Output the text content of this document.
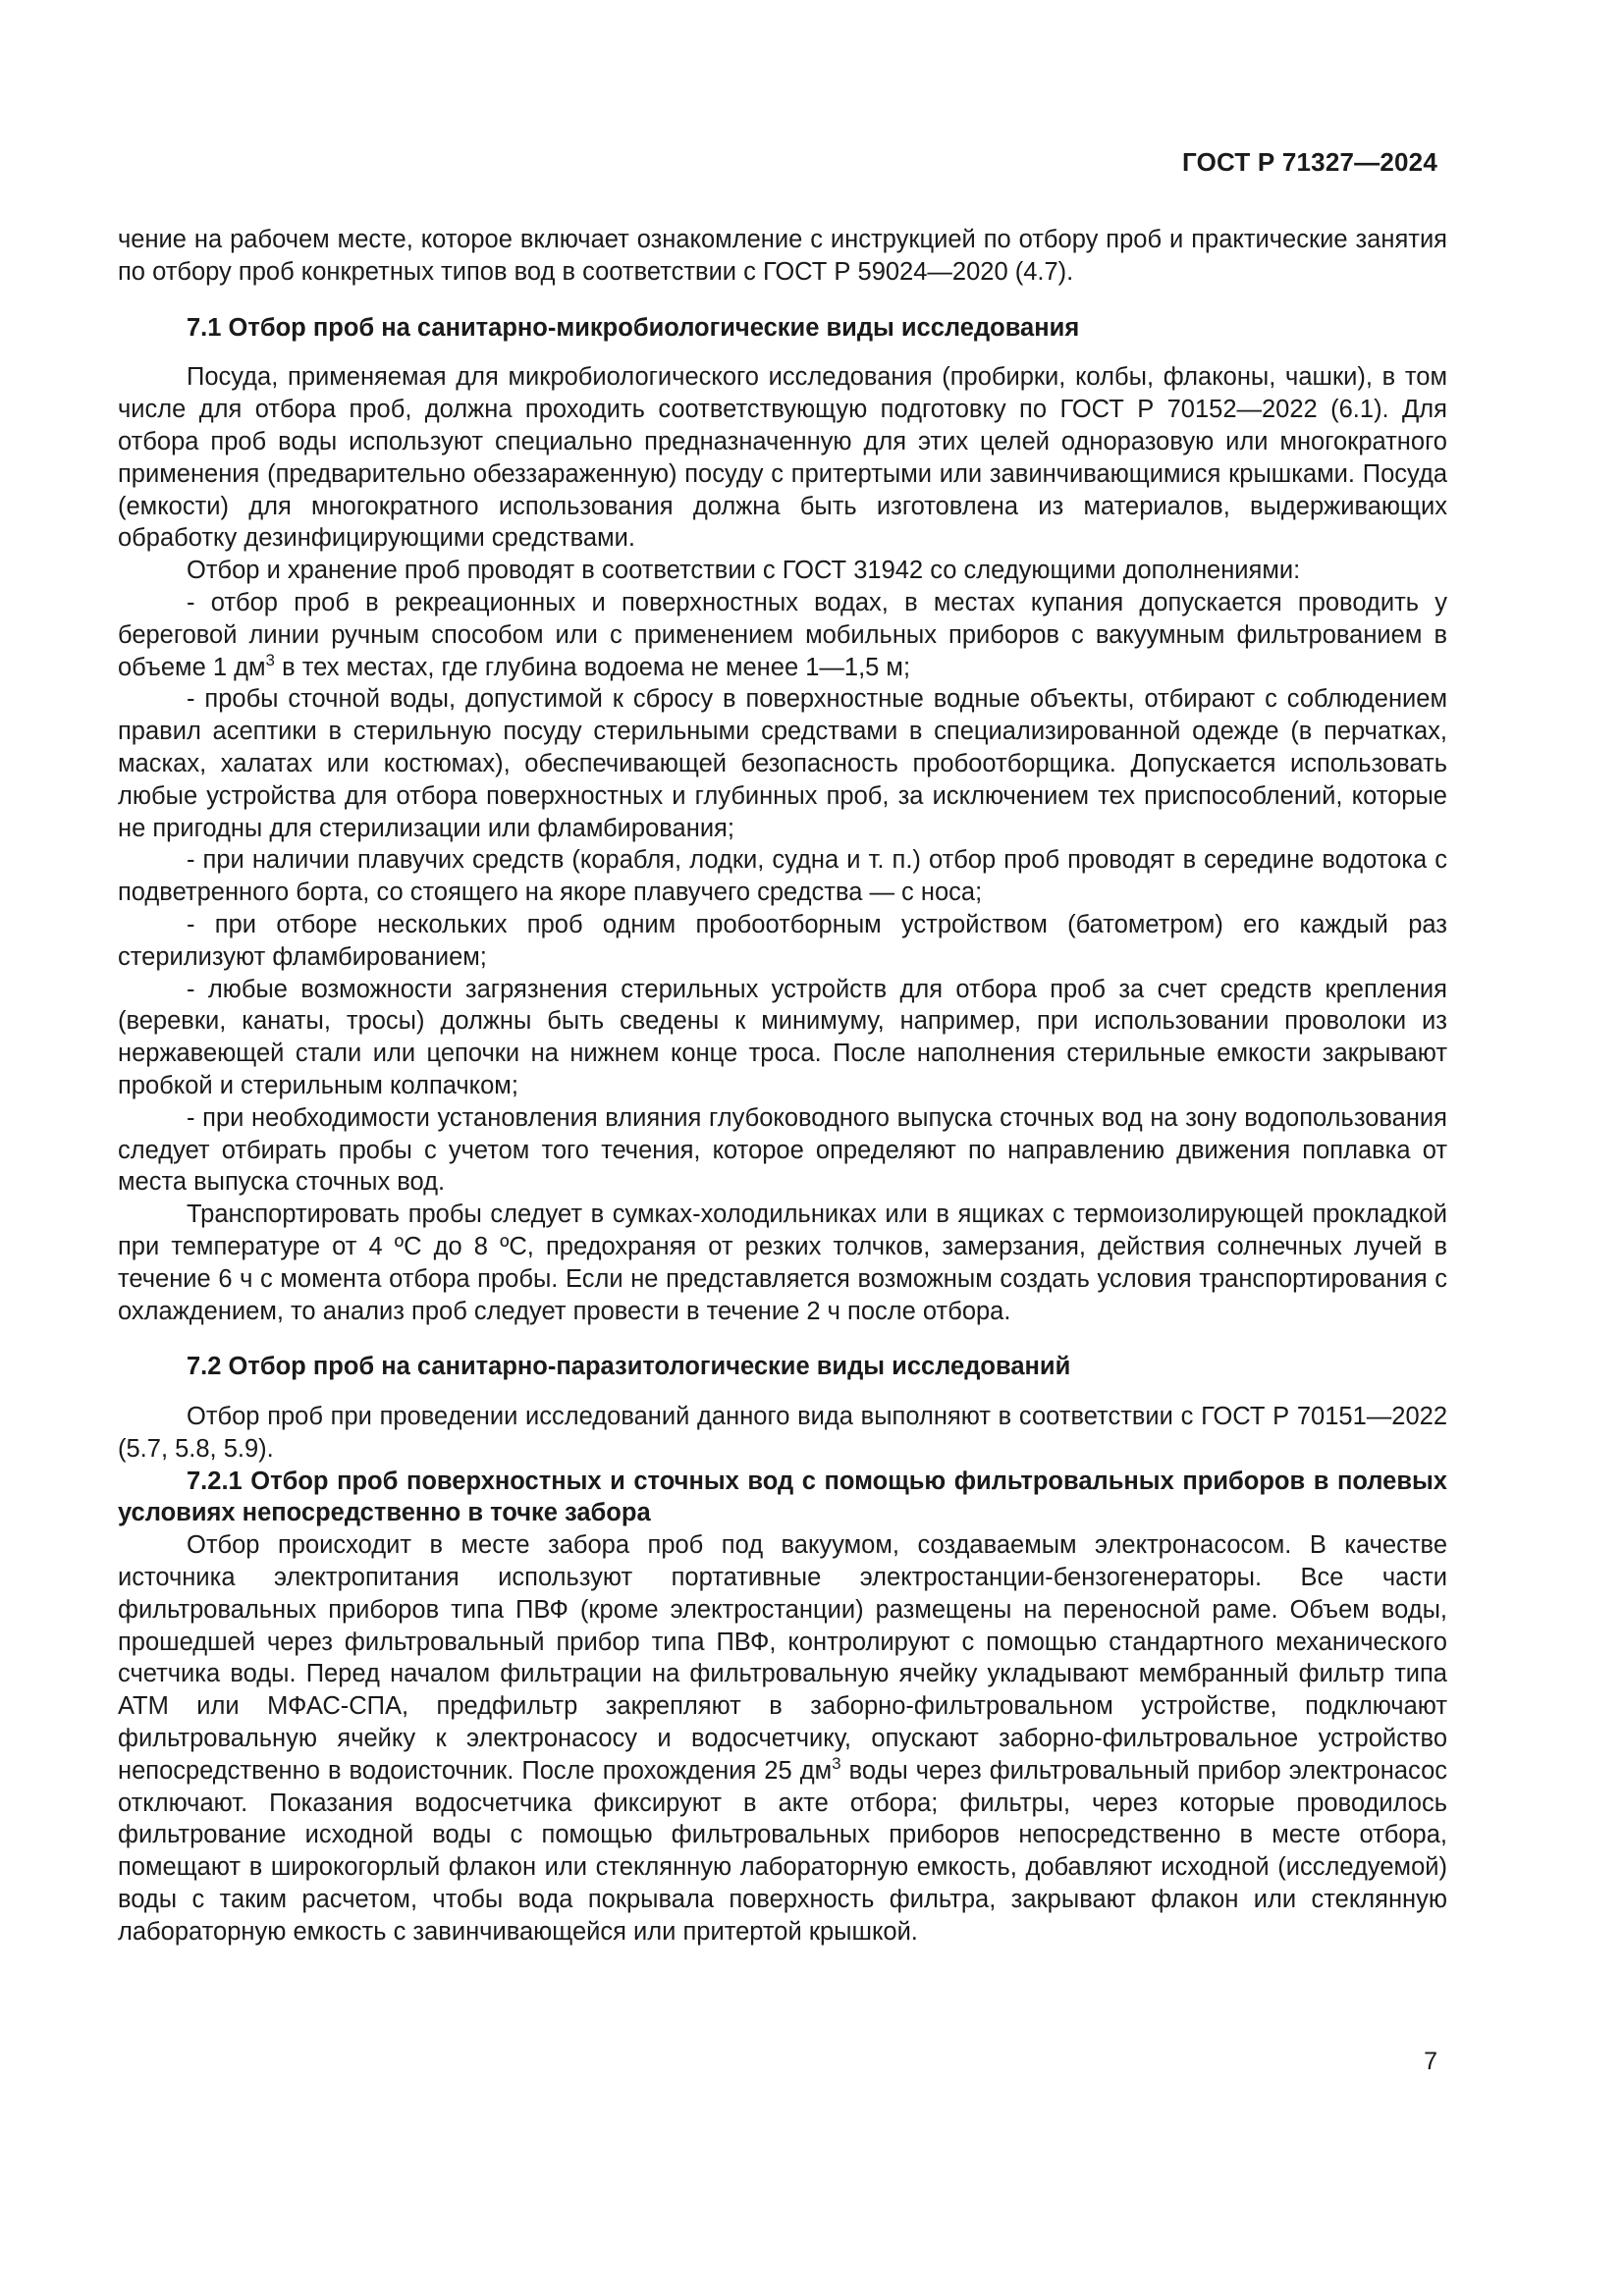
ГОСТ Р 71327—2024

чение на рабочем месте, которое включает ознакомление с инструкцией по отбору проб и практические занятия по отбору проб конкретных типов вод в соответствии с ГОСТ Р 59024—2020 (4.7).

7.1 Отбор проб на санитарно-микробиологические виды исследования

Посуда, применяемая для микробиологического исследования (пробирки, колбы, флаконы, чашки), в том числе для отбора проб, должна проходить соответствующую подготовку по ГОСТ Р 70152—2022 (6.1). Для отбора проб воды используют специально предназначенную для этих целей одноразовую или многократного применения (предварительно обеззараженную) посуду с притертыми или завинчивающимися крышками. Посуда (емкости) для многократного использования должна быть изготовлена из материалов, выдерживающих обработку дезинфицирующими средствами.

Отбор и хранение проб проводят в соответствии с ГОСТ 31942 со следующими дополнениями:

- отбор проб в рекреационных и поверхностных водах, в местах купания допускается проводить у береговой линии ручным способом или с применением мобильных приборов с вакуумным фильтрованием в объеме 1 $дм^3$ в тех местах, где глубина водоема не менее 1—1,5 м;

- пробы сточной воды, допустимой к сбросу в поверхностные водные объекты, отбирают с соблюдением правил асептики в стерильную посуду стерильными средствами в специализированной одежде (в перчатках, масках, халатах или костюмах), обеспечивающей безопасность пробоотборщика. Допускается использовать любые устройства для отбора поверхностных и глубинных проб, за исключением тех приспособлений, которые не пригодны для стерилизации или фламбирования;

- при наличии плавучих средств (корабля, лодки, судна и т. п.) отбор проб проводят в середине водотока с подветренного борта, со стоящего на якоре плавучего средства — с носа;

- при отборе нескольких проб одним пробоотборным устройством (батометром) его каждый раз стерилизуют фламбированием;

- любые возможности загрязнения стерильных устройств для отбора проб за счет средств крепления (веревки, канаты, тросы) должны быть сведены к минимуму, например, при использовании проволоки из нержавеющей стали или цепочки на нижнем конце троса. После наполнения стерильные емкости закрывают пробкой и стерильным колпачком;

- при необходимости установления влияния глубоководного выпуска сточных вод на зону водопользования следует отбирать пробы с учетом того течения, которое определяют по направлению движения поплавка от места выпуска сточных вод.

Транспортировать пробы следует в сумках-холодильниках или в ящиках с термоизолирующей прокладкой при температуре от 4 ºС до 8 ºС, предохраняя от резких толчков, замерзания, действия солнечных лучей в течение 6 ч с момента отбора пробы. Если не представляется возможным создать условия транспортирования с охлаждением, то анализ проб следует провести в течение 2 ч после отбора.

7.2 Отбор проб на санитарно-паразитологические виды исследований

Отбор проб при проведении исследований данного вида выполняют в соответствии с ГОСТ Р 70151—2022 (5.7, 5.8, 5.9).

7.2.1 Отбор проб поверхностных и сточных вод с помощью фильтровальных приборов в полевых условиях непосредственно в точке забора

Отбор происходит в месте забора проб под вакуумом, создаваемым электронасосом. В качестве источника электропитания используют портативные электростанции-бензогенераторы. Все части фильтровальных приборов типа ПВФ (кроме электростанции) размещены на переносной раме. Объем воды, прошедшей через фильтровальный прибор типа ПВФ, контролируют с помощью стандартного механического счетчика воды. Перед началом фильтрации на фильтровальную ячейку укладывают мембранный фильтр типа АТМ или МФАС-СПА, предфильтр закрепляют в заборно-фильтровальном устройстве, подключают фильтровальную ячейку к электронасосу и водосчетчику, опускают заборно-фильтровальное устройство непосредственно в водоисточник. После прохождения 25 $дм^3$ воды через фильтровальный прибор электронасос отключают. Показания водосчетчика фиксируют в акте отбора; фильтры, через которые проводилось фильтрование исходной воды с помощью фильтровальных приборов непосредственно в месте отбора, помещают в широкогорлый флакон или стеклянную лабораторную емкость, добавляют исходной (исследуемой) воды с таким расчетом, чтобы вода покрывала поверхность фильтра, закрывают флакон или стеклянную лабораторную емкость с завинчивающейся или притертой крышкой.

7
